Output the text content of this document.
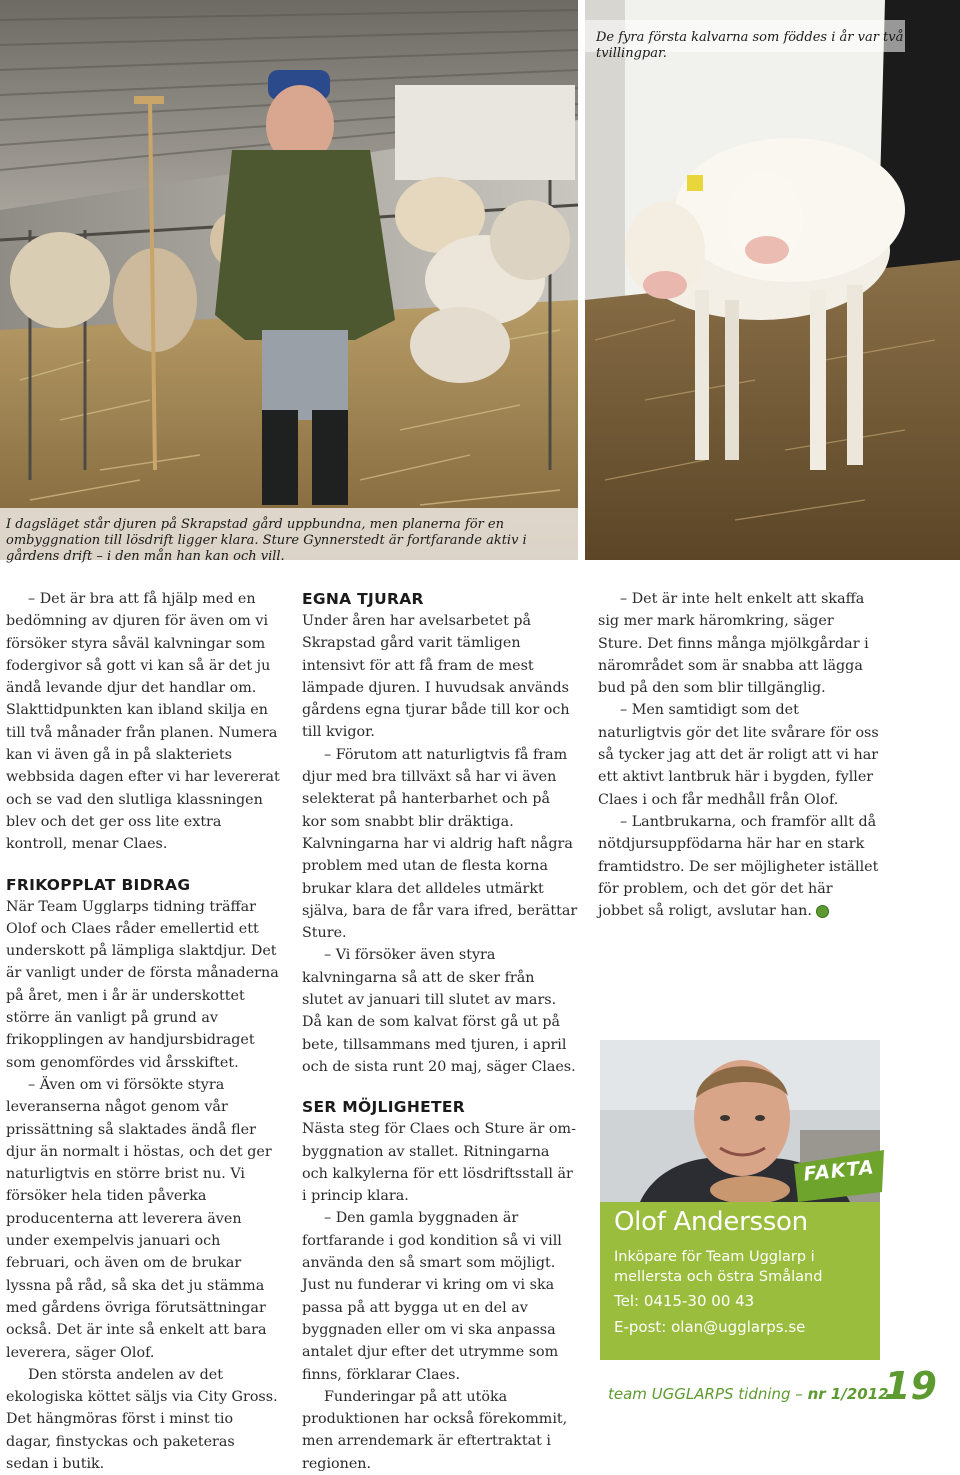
I dagsläget står djuren på Skrapstad gård uppbundna, men planerna för en ombyggnation till lösdrift ligger klara. Sture Gynnerstedt är fortfarande aktiv i gårdens drift – i den mån han kan och vill.
De fyra första kalvarna som föddes i år var två tvillingpar.

– Det är bra att få hjälp med en bedömning av djuren för även om vi försöker styra såväl kalvningar som fodergivor så gott vi kan så är det ju ändå levande djur det handlar om. Slakttidpunkten kan ibland skilja en till två månader från planen. Numera kan vi även gå in på slakteriets webbsida dagen efter vi har levererat och se vad den slutliga klassningen blev och det ger oss lite extra kontroll, menar Claes.

FRIKOPPLAT BIDRAG

När Team Ugglarps tidning träffar Olof och Claes råder emellertid ett underskott på lämpliga slaktdjur. Det är vanligt under de första månaderna på året, men i år är underskottet större än vanligt på grund av frikopplingen av handjursbidraget som genomfördes vid årsskiftet.

– Även om vi försökte styra leveranserna något genom vår prissättning så slaktades ändå fler djur än normalt i höstas, och det ger naturligtvis en större brist nu. Vi försöker hela tiden påverka producenterna att leverera även under exempelvis januari och februari, och även om de brukar lyssna på råd, så ska det ju stämma med gårdens övriga förutsättningar också. Det är inte så enkelt att bara leverera, säger Olof.

Den största andelen av det ekologiska köttet säljs via City Gross. Det hängmöras först i minst tio dagar, finstyckas och paketeras sedan i butik.

EGNA TJURAR

Under åren har avelsarbetet på Skrapstad gård varit tämligen intensivt för att få fram de mest lämpade djuren. I huvudsak används gårdens egna tjurar både till kor och till kvigor.

– Förutom att naturligtvis få fram djur med bra tillväxt så har vi även selekterat på hanterbarhet och på kor som snabbt blir dräktiga. Kalvningarna har vi aldrig haft några problem med utan de flesta korna brukar klara det alldeles utmärkt själva, bara de får vara ifred, berättar Sture.

– Vi försöker även styra kalvningarna så att de sker från slutet av januari till slutet av mars. Då kan de som kalvat först gå ut på bete, tillsammans med tjuren, i april och de sista runt 20 maj, säger Claes.

SER MÖJLIGHETER

Nästa steg för Claes och Sture är ombyggnation av stallet. Ritningarna och kalkylerna för ett lösdriftsstall är i princip klara.

– Den gamla byggnaden är fortfarande i god kondition så vi vill använda den så smart som möjligt. Just nu funderar vi kring om vi ska passa på att bygga ut en del av byggnaden eller om vi ska anpassa antalet djur efter det utrymme som finns, förklarar Claes.

Funderingar på att utöka produktionen har också förekommit, men arrendemark är eftertraktat i regionen.

– Det är inte helt enkelt att skaffa sig mer mark häromkring, säger Sture. Det finns många mjölkgårdar i närområdet som är snabba att lägga bud på den som blir tillgänglig.

– Men samtidigt som det naturligtvis gör det lite svårare för oss så tycker jag att det är roligt att vi har ett aktivt lantbruk här i bygden, fyller Claes i och får medhåll från Olof.

– Lantbrukarna, och framför allt då nötdjursuppfödarna här har en stark framtidstro. De ser möjligheter istället för problem, och det gör det här jobbet så roligt, avslutar han.

FAKTA
Olof Andersson
Inköpare för Team Ugglarp i mellersta och östra Småland
Tel: 0415-30 00 43
E-post: olan@ugglarps.se
team UGGLARPS tidning – nr 1/2012
19
